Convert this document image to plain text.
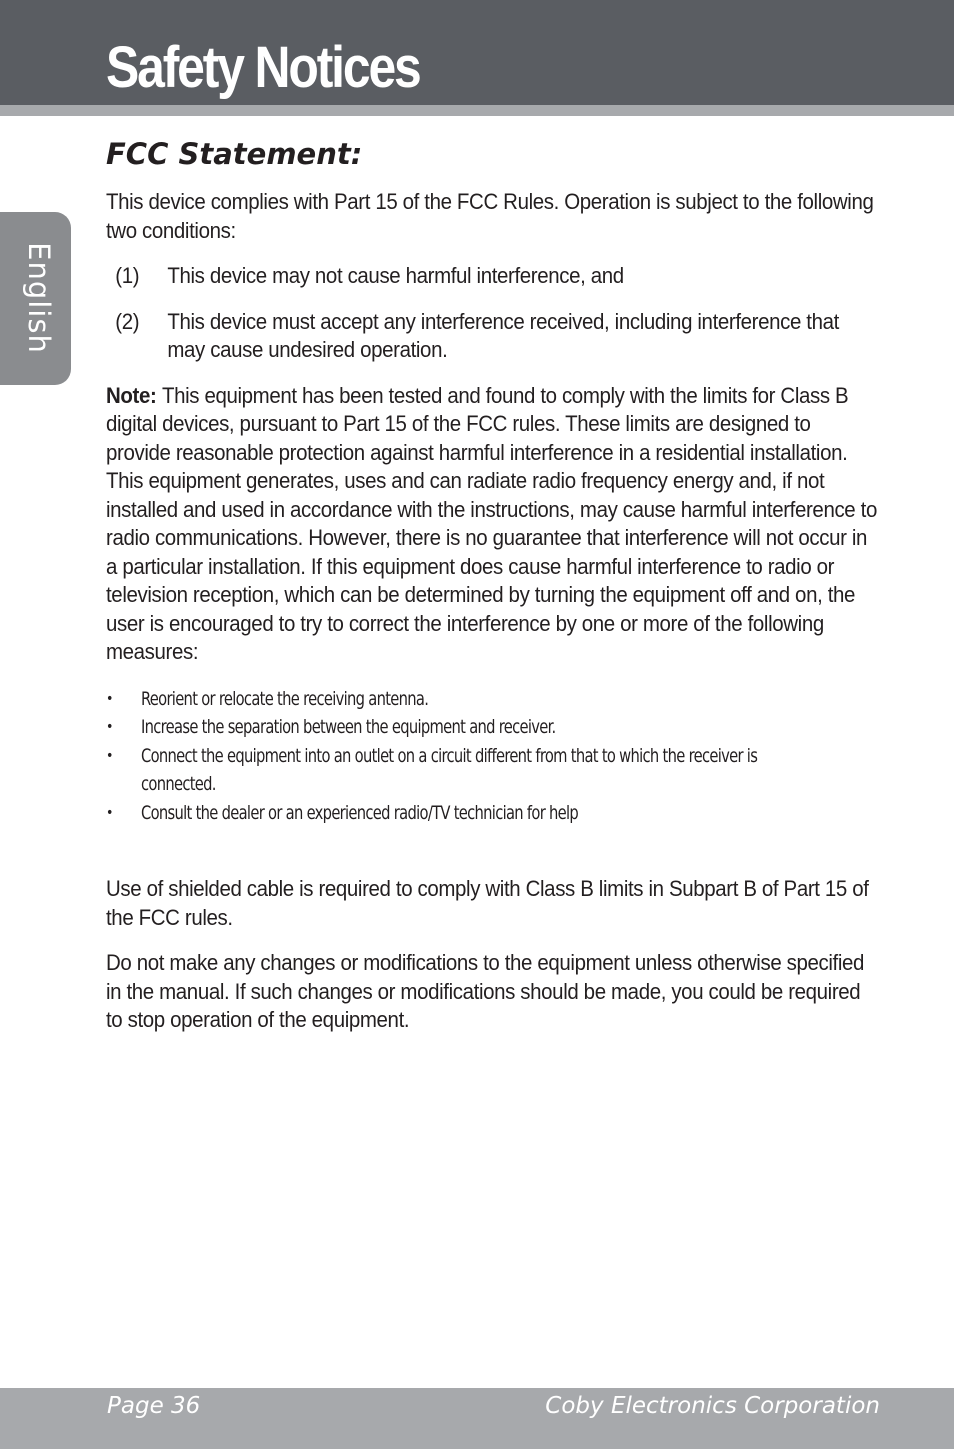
Safety Notices
English
FCC Statement:

This device complies with Part 15 of the FCC Rules. Operation is subject to the following two conditions:

(1)	This device may not cause harmful interference, and

(2)	This device must accept any interference received, including interference that may cause undesired operation.

Note: This equipment has been tested and found to comply with the limits for Class B digital devices, pursuant to Part 15 of the FCC rules. These limits are designed to provide reasonable protection against harmful interference in a residential installation. This equipment generates, uses and can radiate radio frequency energy and, if not installed and used in accordance with the instructions, may cause harmful interference to radio communications. However, there is no guarantee that interference will not occur in a particular installation. If this equipment does cause harmful interference to radio or television reception, which can be determined by turning the equipment off and on, the user is encouraged to try to correct the interference by one or more of the following measures:

•	Reorient or relocate the receiving antenna.
•	Increase the separation between the equipment and receiver.
•	Connect the equipment into an outlet on a circuit different from that to which the receiver is connected.
•	Consult the dealer or an experienced radio/TV technician for help

Use of shielded cable is required to comply with Class B limits in Subpart B of Part 15 of the FCC rules.

Do not make any changes or modifications to the equipment unless otherwise specified in the manual. If such changes or modifications should be made, you could be required to stop operation of the equipment.

Page 36	Coby Electronics Corporation
